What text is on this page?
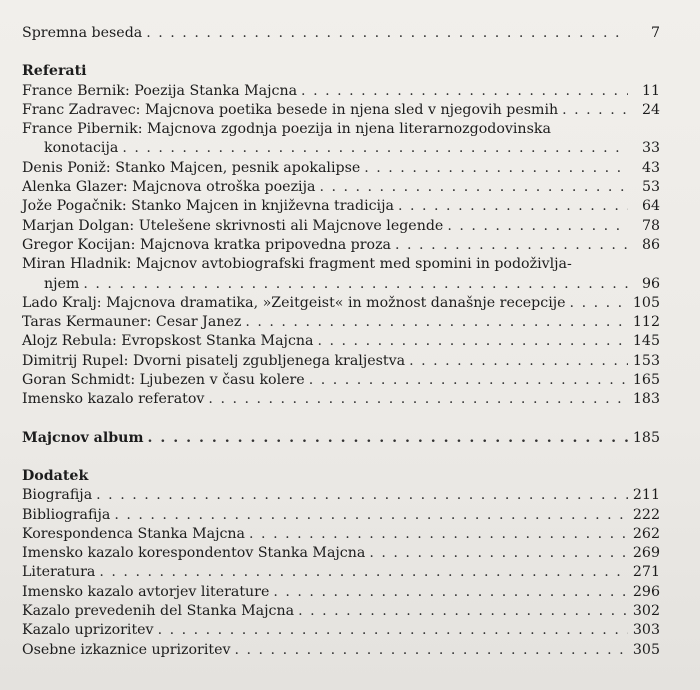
Spremna beseda . . .	7
Referati
France Bernik: Poezija Stanka Majcna . . .	11
Franc Zadravec: Majcnova poetika besede in njena sled v njegovih pesmih . . .	24
France Pibernik: Majcnova zgodnja poezija in njena literarnozgodovinska
konotacija . . .	33
Denis Poniž: Stanko Majcen, pesnik apokalipse . . .	43
Alenka Glazer: Majcnova otroška poezija . . .	53
Jože Pogačnik: Stanko Majcen in književna tradicija . . .	64
Marjan Dolgan: Utelešene skrivnosti ali Majcnove legende . . .	78
Gregor Kocijan: Majcnova kratka pripovedna proza . . .	86
Miran Hladnik: Majcnov avtobiografski fragment med spomini in podoživlja-
njem . . .	96
Lado Kralj: Majcnova dramatika, »Zeitgeist« in možnost današnje recepcije . . .	105
Taras Kermauner: Cesar Janez . . .	112
Alojz Rebula: Evropskost Stanka Majcna . . .	145
Dimitrij Rupel: Dvorni pisatelj zgubljenega kraljestva . . .	153
Goran Schmidt: Ljubezen v času kolere . . .	165
Imensko kazalo referatov . . .	183
Majcnov album . . .	185
Dodatek
Biografija . . .	211
Bibliografija . . .	222
Korespondenca Stanka Majcna . . .	262
Imensko kazalo korespondentov Stanka Majcna . . .	269
Literatura . . .	271
Imensko kazalo avtorjev literature . . .	296
Kazalo prevedenih del Stanka Majcna . . .	302
Kazalo uprizoritev . . .	303
Osebne izkaznice uprizoritev . . .	305
